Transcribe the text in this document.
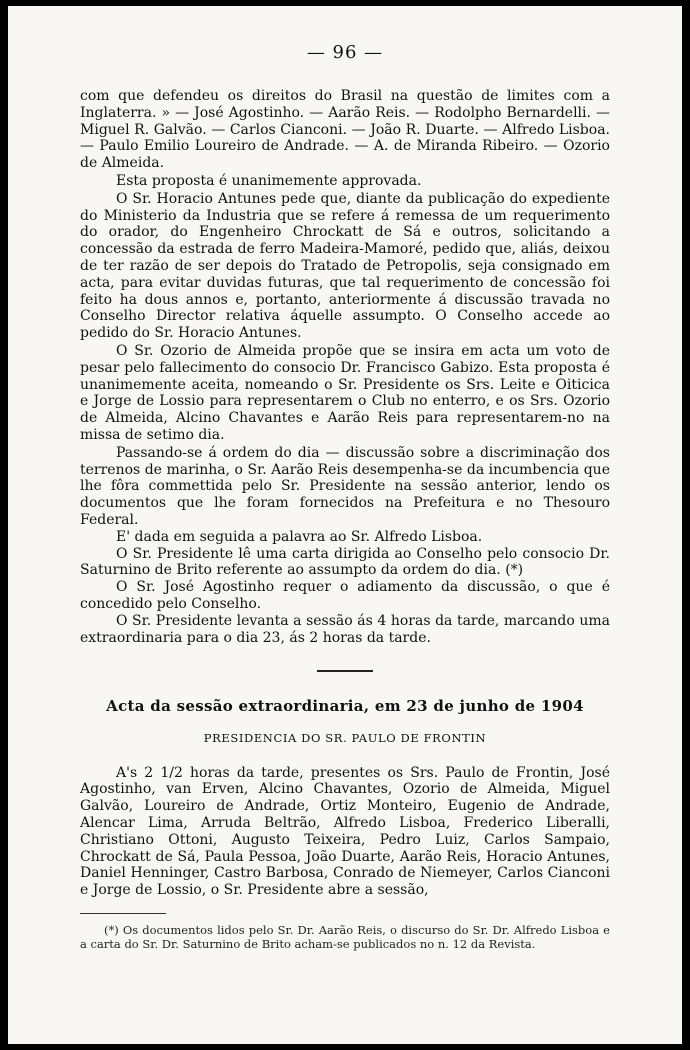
— 96 —

com que defendeu os direitos do Brasil na questão de limites com a Inglaterra. » — José Agostinho. — Aarão Reis. — Rodolpho Bernardelli. — Miguel R. Galvão. — Carlos Cianconi. — João R. Duarte. — Alfredo Lisboa. — Paulo Emilio Loureiro de Andrade. — A. de Miranda Ribeiro. — Ozorio de Almeida.

Esta proposta é unanimemente approvada.

O Sr. Horacio Antunes pede que, diante da publicação do expediente do Ministerio da Industria que se refere á remessa de um requerimento do orador, do Engenheiro Chrockatt de Sá e outros, solicitando a concessão da estrada de ferro Madeira-Mamoré, pedido que, aliás, deixou de ter razão de ser depois do Tratado de Petropolis, seja consignado em acta, para evitar duvidas futuras, que tal requerimento de concessão foi feito ha dous annos e, portanto, anteriormente á discussão travada no Conselho Director relativa áquelle assumpto. O Conselho accede ao pedido do Sr. Horacio Antunes.

O Sr. Ozorio de Almeida propõe que se insira em acta um voto de pesar pelo fallecimento do consocio Dr. Francisco Gabizo. Esta proposta é unanimemente aceita, nomeando o Sr. Presidente os Srs. Leite e Oiticica e Jorge de Lossio para representarem o Club no enterro, e os Srs. Ozorio de Almeida, Alcino Chavantes e Aarão Reis para representarem-no na missa de setimo dia.

Passando-se á ordem do dia — discussão sobre a discriminação dos terrenos de marinha, o Sr. Aarão Reis desempenha-se da incumbencia que lhe fôra commettida pelo Sr. Presidente na sessão anterior, lendo os documentos que lhe foram fornecidos na Prefeitura e no Thesouro Federal.

E' dada em seguida a palavra ao Sr. Alfredo Lisboa.

O Sr. Presidente lê uma carta dirigida ao Conselho pelo consocio Dr. Saturnino de Brito referente ao assumpto da ordem do dia. (*)

O Sr. José Agostinho requer o adiamento da discussão, o que é concedido pelo Conselho.

O Sr. Presidente levanta a sessão ás 4 horas da tarde, marcando uma extraordinaria para o dia 23, ás 2 horas da tarde.

Acta da sessão extraordinaria, em 23 de junho de 1904

PRESIDENCIA DO SR. PAULO DE FRONTIN

A's 2 1/2 horas da tarde, presentes os Srs. Paulo de Frontin, José Agostinho, van Erven, Alcino Chavantes, Ozorio de Almeida, Miguel Galvão, Loureiro de Andrade, Ortiz Monteiro, Eugenio de Andrade, Alencar Lima, Arruda Beltrão, Alfredo Lisboa, Frederico Liberalli, Christiano Ottoni, Augusto Teixeira, Pedro Luiz, Carlos Sampaio, Chrockatt de Sá, Paula Pessoa, João Duarte, Aarão Reis, Horacio Antunes, Daniel Henninger, Castro Barbosa, Conrado de Niemeyer, Carlos Cianconi e Jorge de Lossio, o Sr. Presidente abre a sessão,

(*) Os documentos lidos pelo Sr. Dr. Aarão Reis, o discurso do Sr. Dr. Alfredo Lisboa e a carta do Sr. Dr. Saturnino de Brito acham-se publicados no n. 12 da Revista.
